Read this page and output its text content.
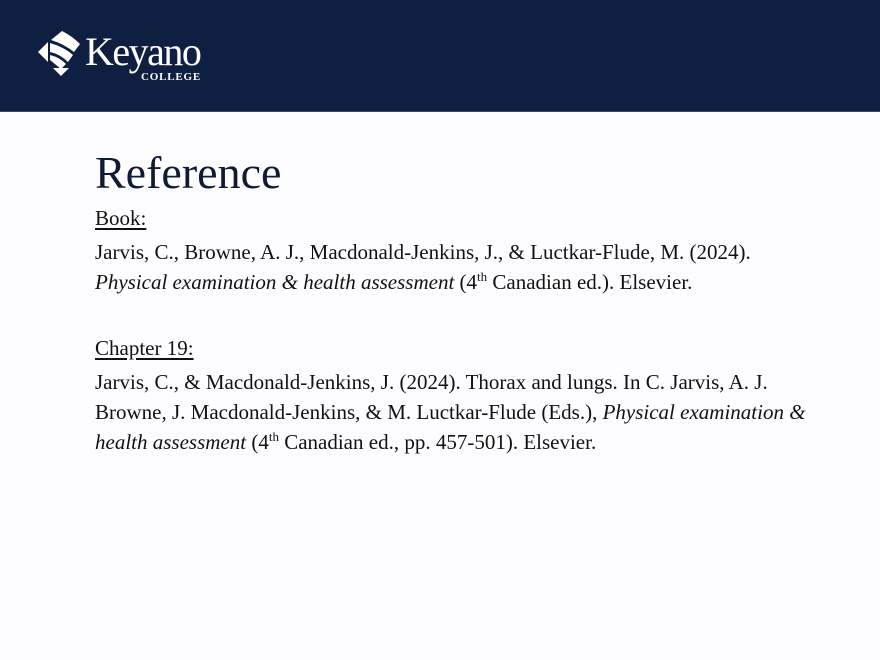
Keyano
COLLEGE
Reference
Book:
Jarvis, C., Browne, A. J., Macdonald-Jenkins, J., & Luctkar-Flude, M. (2024). Physical examination & health assessment (4th Canadian ed.). Elsevier.
Chapter 19:
Jarvis, C., & Macdonald-Jenkins, J. (2024). Thorax and lungs. In C. Jarvis, A. J. Browne, J. Macdonald-Jenkins, & M. Luctkar-Flude (Eds.), Physical examination & health assessment (4th Canadian ed., pp. 457-501). Elsevier.
